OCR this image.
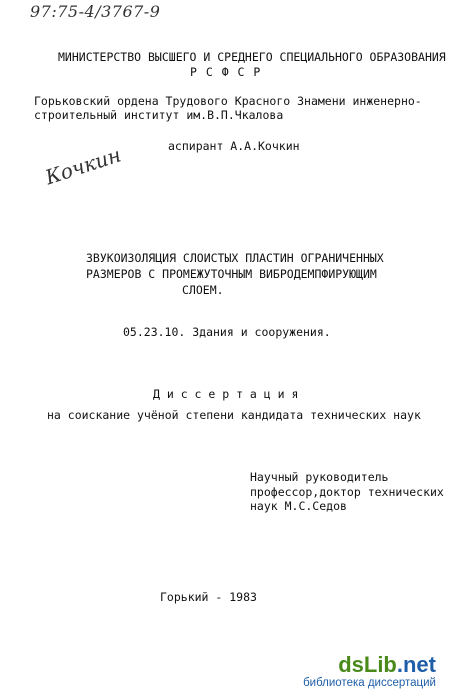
97:75-4/3767-9
МИНИСТЕРСТВО ВЫСШЕГО И СРЕДНЕГО СПЕЦИАЛЬНОГО ОБРАЗОВАНИЯ
Р С Ф С Р
Горьковский ордена Трудового Красного Знамени инженерно-
строительный институт им.В.П.Чкалова
аспирант А.А.Кочкин
Кочкин
ЗВУКОИЗОЛЯЦИЯ СЛОИСТЫХ ПЛАСТИН ОГРАНИЧЕННЫХ
РАЗМЕРОВ С ПРОМЕЖУТОЧНЫМ ВИБРОДЕМПФИРУЮЩИМ
СЛОЕМ.
05.23.10. Здания и сооружения.
Д и с с е р т а ц и я
на соискание учёной степени кандидата технических наук
Научный руководитель
профессор,доктор технических
наук М.С.Седов
Горький - 1983
dsLib.net
библиотека диссертаций
